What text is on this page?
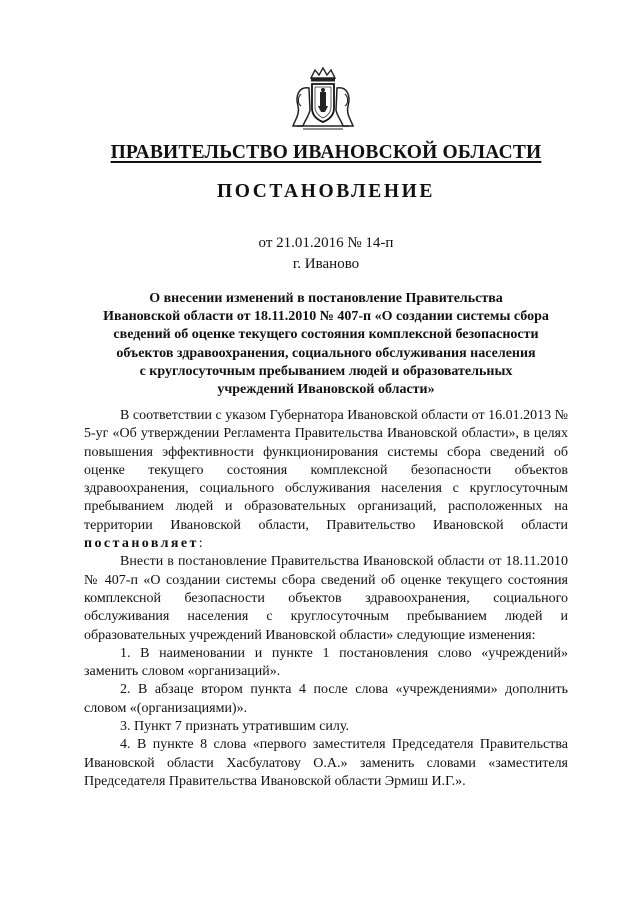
ПРАВИТЕЛЬСТВО ИВАНОВСКОЙ ОБЛАСТИ
ПОСТАНОВЛЕНИЕ
от 21.01.2016 № 14-п
г. Иваново
О внесении изменений в постановление Правительства
Ивановской области от 18.11.2010 № 407-п «О создании системы сбора
сведений об оценке текущего состояния комплексной безопасности
объектов здравоохранения, социального обслуживания населения
с круглосуточным пребыванием людей и образовательных
учреждений Ивановской области»

В соответствии с указом Губернатора Ивановской области от 16.01.2013 № 5-уг «Об утверждении Регламента Правительства Ивановской области», в целях повышения эффективности функционирования системы сбора сведений об оценке текущего состояния комплексной безопасности объектов здравоохранения, социального обслуживания населения с круглосуточным пребыванием людей и образовательных организаций, расположенных на территории Ивановской области, Правительство Ивановской области постановляет:

Внести в постановление Правительства Ивановской области от 18.11.2010 № 407-п «О создании системы сбора сведений об оценке текущего состояния комплексной безопасности объектов здравоохранения, социального обслуживания населения с круглосуточным пребыванием людей и образовательных учреждений Ивановской области» следующие изменения:

1. В наименовании и пункте 1 постановления слово «учреждений» заменить словом «организаций».

2. В абзаце втором пункта 4 после слова «учреждениями» дополнить словом «(организациями)».

3. Пункт 7 признать утратившим силу.

4. В пункте 8 слова «первого заместителя Председателя Правительства Ивановской области Хасбулатову О.А.» заменить словами «заместителя Председателя Правительства Ивановской области Эрмиш И.Г.».
